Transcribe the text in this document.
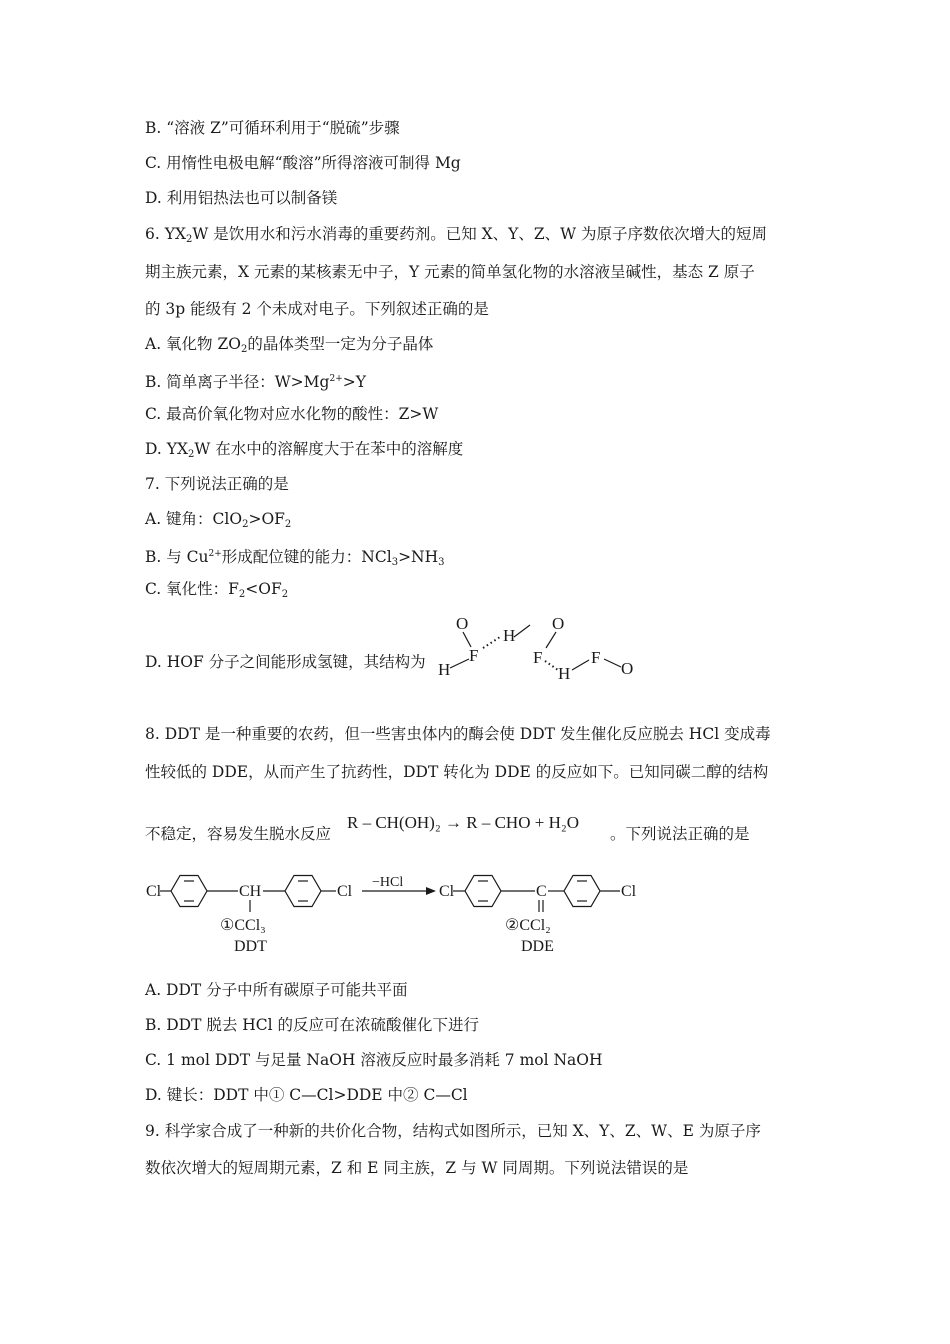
B. “溶液 Z”可循环利用于“脱硫”步骤
C. 用惰性电极电解“酸溶”所得溶液可制得 Mg
D. 利用铝热法也可以制备镁
6. $YX_2W$ 是饮用水和污水消毒的重要药剂。已知 X、Y、Z、W 为原子序数依次增大的短周
期主族元素，X 元素的某核素无中子，Y 元素的简单氢化物的水溶液呈碱性，基态 Z 原子
的 3p 能级有 2 个未成对电子。下列叙述正确的是
A. 氧化物 $ZO_2$的晶体类型一定为分子晶体
B. 简单离子半径：$W>Mg^{2+}>Y$
C. 最高价氧化物对应水化物的酸性：Z>W
D. $YX_2W$ 在水中的溶解度大于在苯中的溶解度
7. 下列说法正确的是
A. 键角：$ClO_2>OF_2$
B. 与 $Cu^{2+}$形成配位键的能力：$NCl_3>NH_3$
C. 氧化性：$F_2<OF_2$
D. HOF 分子之间能形成氢键，其结构为
O
F
H
H
O
F
H
F
O
8. DDT 是一种重要的农药，但一些害虫体内的酶会使 DDT 发生催化反应脱去 HCl 变成毒
性较低的 DDE，从而产生了抗药性，DDT 转化为 DDE 的反应如下。已知同碳二醇的结构
不稳定，容易发生脱水反应
R – CH(OH)₂ → R – CHO + H₂O
。下列说法正确的是
Cl	CH	Cl
①CCl₃
DDT
−HCl
Cl	C	Cl
②CCl₂
DDE
A. DDT 分子中所有碳原子可能共平面
B. DDT 脱去 HCl 的反应可在浓硫酸催化下进行
C. 1 mol DDT 与足量 NaOH 溶液反应时最多消耗 7 mol NaOH
D. 键长：DDT 中① C—Cl>DDE 中② C—Cl
9. 科学家合成了一种新的共价化合物，结构式如图所示，已知 X、Y、Z、W、E 为原子序
数依次增大的短周期元素，Z 和 E 同主族，Z 与 W 同周期。下列说法错误的是
